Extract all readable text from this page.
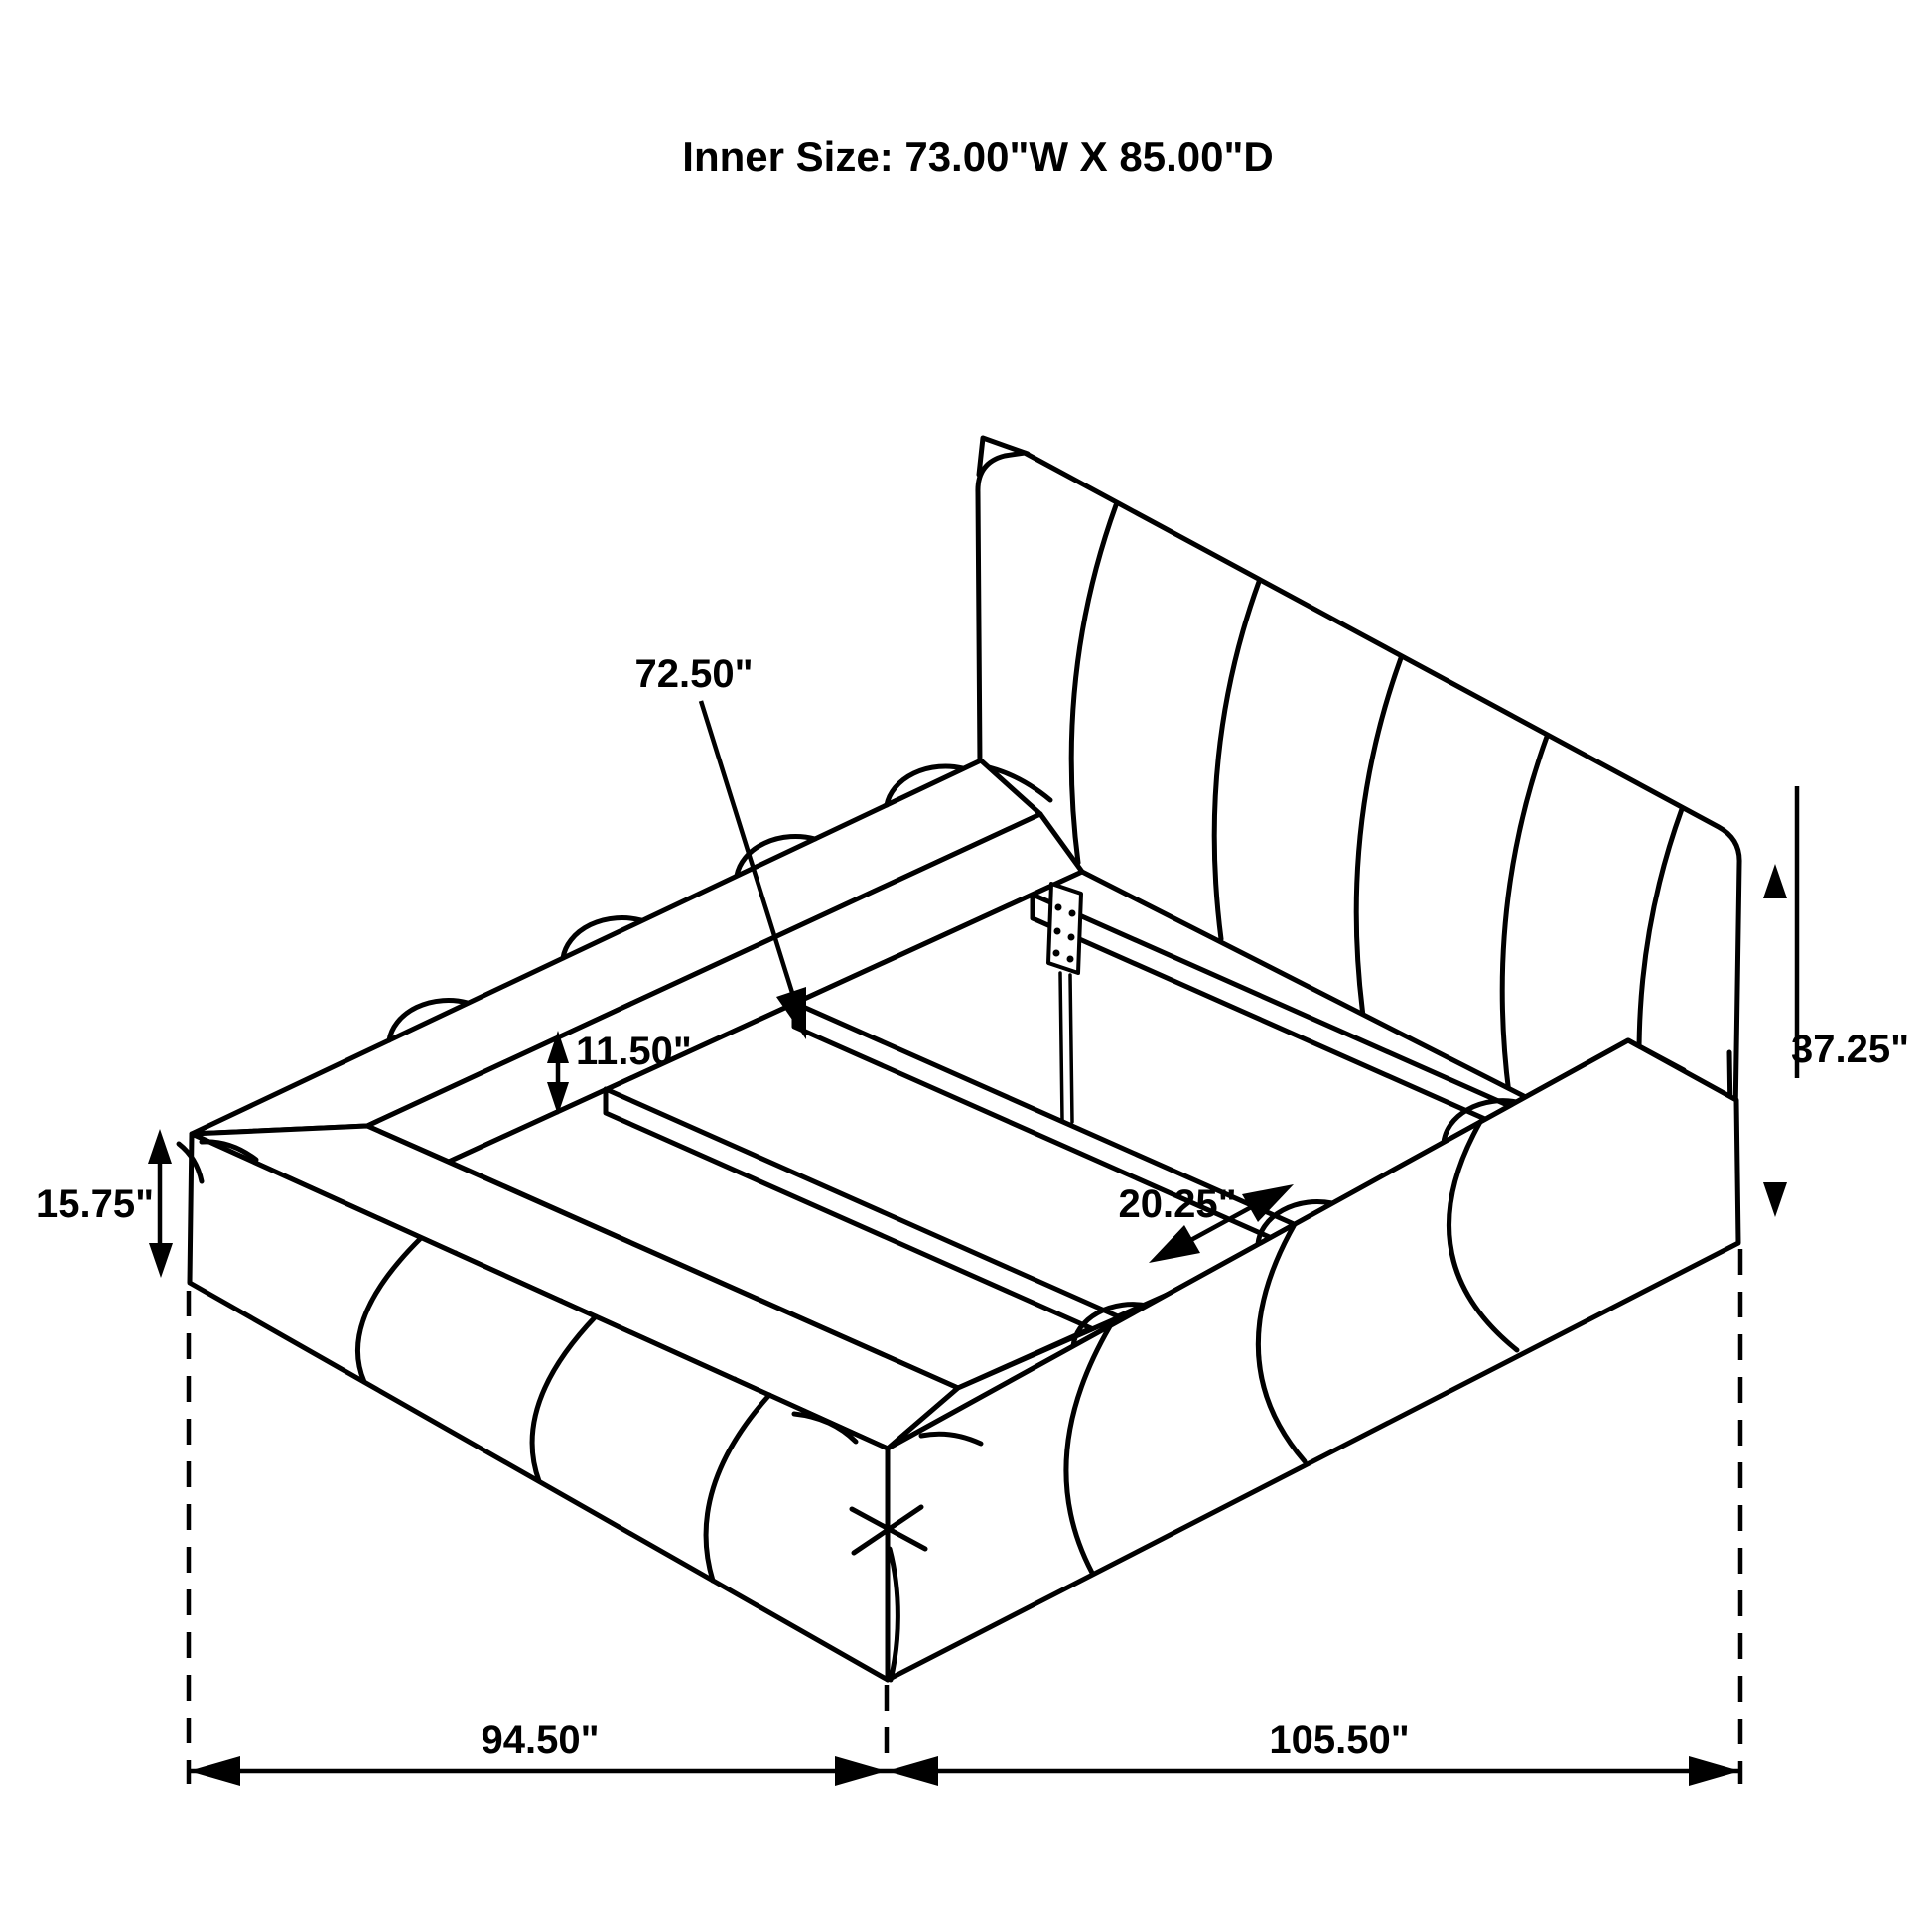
Inner Size: 73.00"W X 85.00"D
72.50"
11.50"
15.75"	20.25"
37.25"
94.50"	105.50"
